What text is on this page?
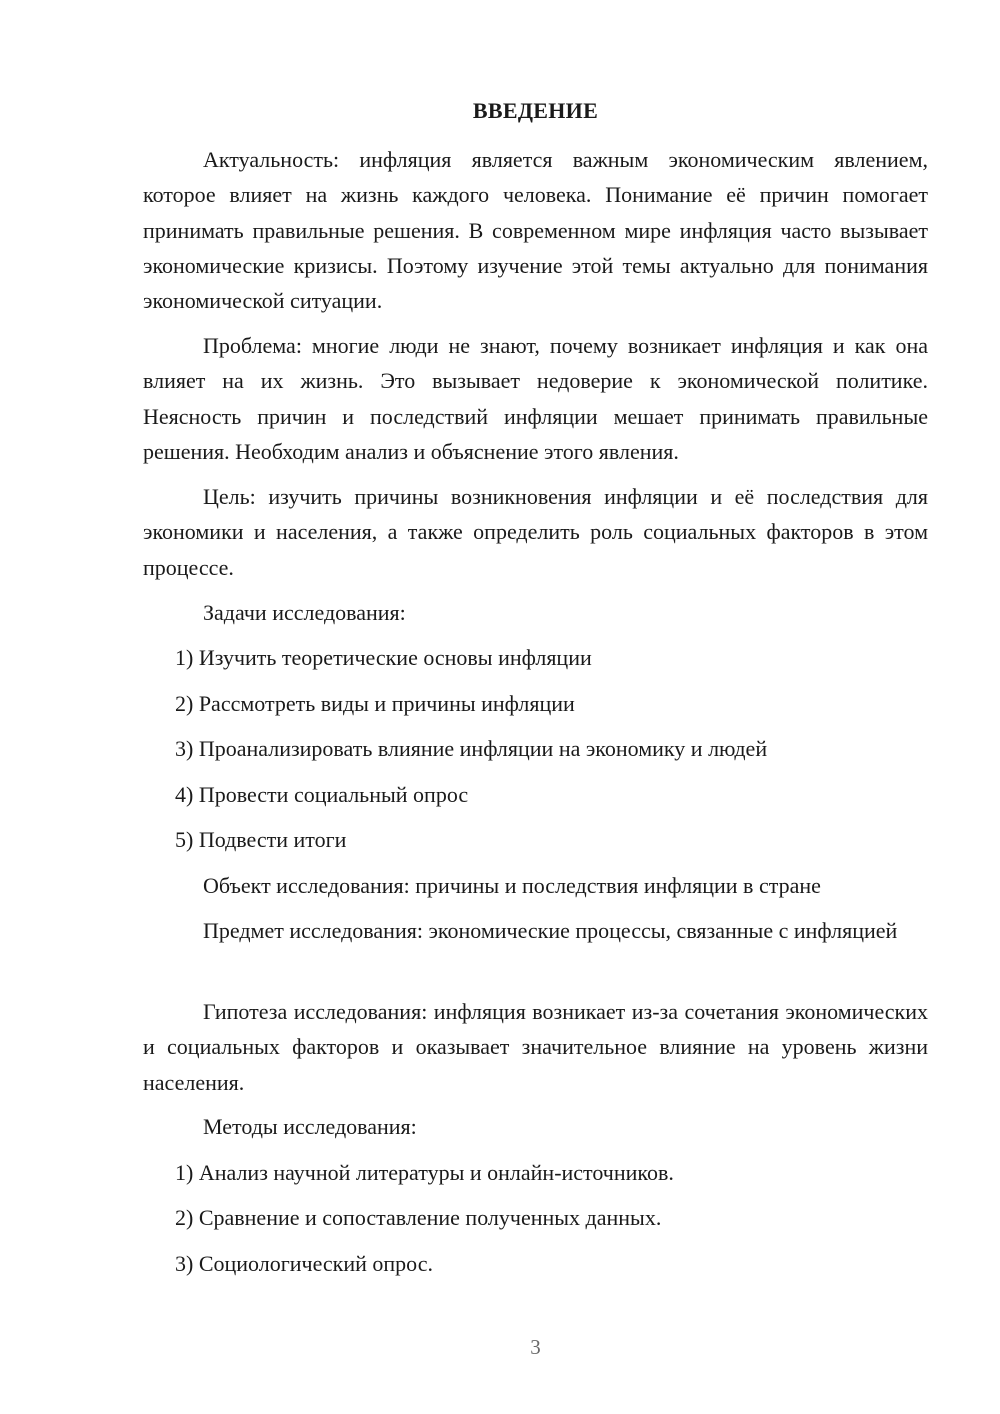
ВВЕДЕНИЕ

Актуальность: инфляция является важным экономическим явлением, которое влияет на жизнь каждого человека. Понимание её причин помогает принимать правильные решения. В современном мире инфляция часто вызывает экономические кризисы. Поэтому изучение этой темы актуально для понимания экономической ситуации.

Проблема: многие люди не знают, почему возникает инфляция и как она влияет на их жизнь. Это вызывает недоверие к экономической политике. Неясность причин и последствий инфляции мешает принимать правильные решения. Необходим анализ и объяснение этого явления.

Цель: изучить причины возникновения инфляции и её последствия для экономики и населения, а также определить роль социальных факторов в этом процессе.

Задачи исследования:

1) Изучить теоретические основы инфляции

2) Рассмотреть виды и причины инфляции

3) Проанализировать влияние инфляции на экономику и людей

4) Провести социальный опрос

5) Подвести итоги

Объект исследования: причины и последствия инфляции в стране

Предмет исследования: экономические процессы, связанные с инфляцией

Гипотеза исследования: инфляция возникает из-за сочетания экономических и социальных факторов и оказывает значительное влияние на уровень жизни населения.

Методы исследования:

1) Анализ научной литературы и онлайн-источников.

2) Сравнение и сопоставление полученных данных.

3) Социологический опрос.

3
